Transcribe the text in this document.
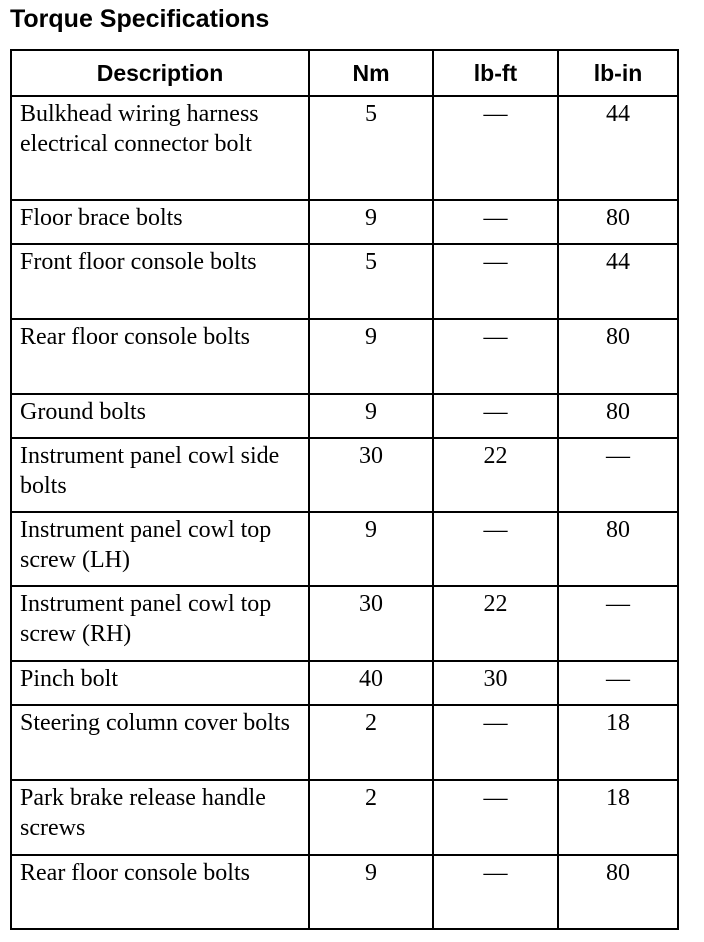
Torque Specifications
Description	Nm	lb-ft	lb-in
Bulkhead wiring harness electrical connector bolt	5	—	44
Floor brace bolts	9	—	80
Front floor console bolts	5	—	44
Rear floor console bolts	9	—	80
Ground bolts	9	—	80
Instrument panel cowl side bolts	30	22	—
Instrument panel cowl top screw (LH)	9	—	80
Instrument panel cowl top screw (RH)	30	22	—
Pinch bolt	40	30	—
Steering column cover bolts	2	—	18
Park brake release handle screws	2	—	18
Rear floor console bolts	9	—	80
